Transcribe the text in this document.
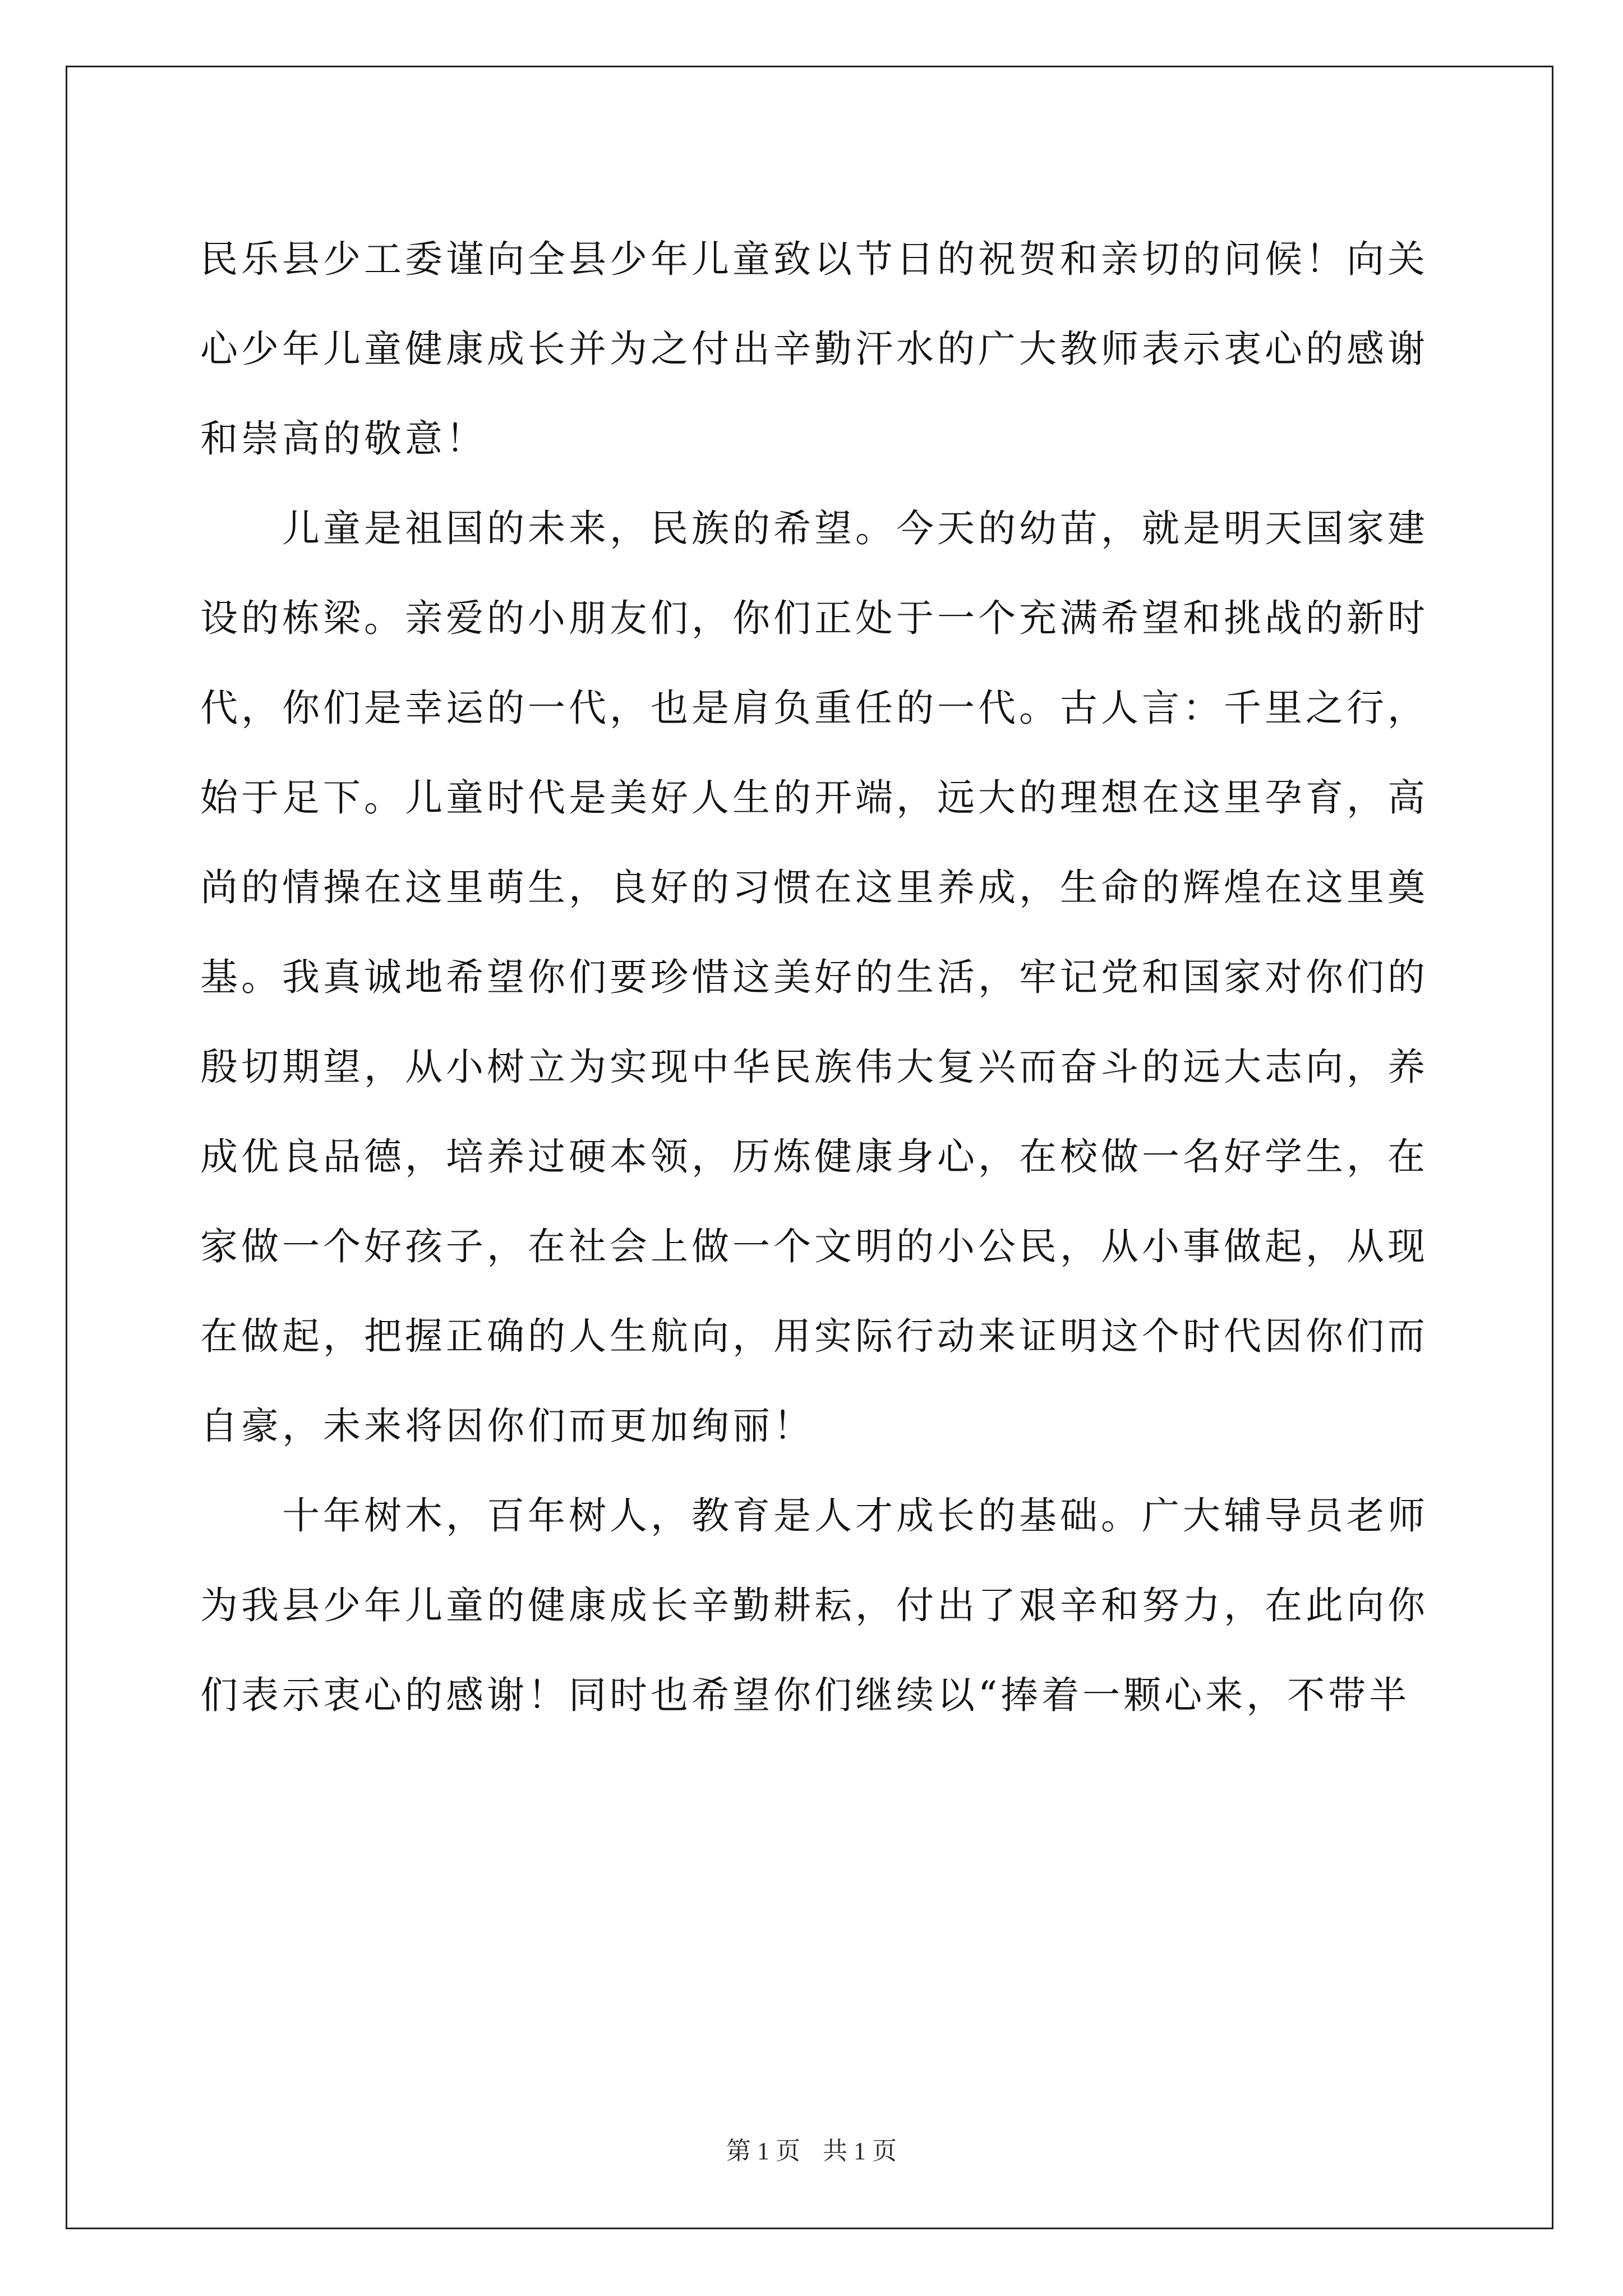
民乐县少工委谨向全县少年儿童致以节日的祝贺和亲切的问候！向关心少年儿童健康成长并为之付出辛勤汗水的广大教师表示衷心的感谢和崇高的敬意！

儿童是祖国的未来，民族的希望。今天的幼苗，就是明天国家建设的栋梁。亲爱的小朋友们，你们正处于一个充满希望和挑战的新时代，你们是幸运的一代，也是肩负重任的一代。古人言：千里之行，始于足下。儿童时代是美好人生的开端，远大的理想在这里孕育，高尚的情操在这里萌生，良好的习惯在这里养成，生命的辉煌在这里奠基。我真诚地希望你们要珍惜这美好的生活，牢记党和国家对你们的殷切期望，从小树立为实现中华民族伟大复兴而奋斗的远大志向，养成优良品德，培养过硬本领，历炼健康身心，在校做一名好学生，在家做一个好孩子，在社会上做一个文明的小公民，从小事做起，从现在做起，把握正确的人生航向，用实际行动来证明这个时代因你们而自豪，未来将因你们而更加绚丽！

十年树木，百年树人，教育是人才成长的基础。广大辅导员老师为我县少年儿童的健康成长辛勤耕耘，付出了艰辛和努力，在此向你们表示衷心的感谢！同时也希望你们继续以“捧着一颗心来，不带半

第 1 页 共 1 页
